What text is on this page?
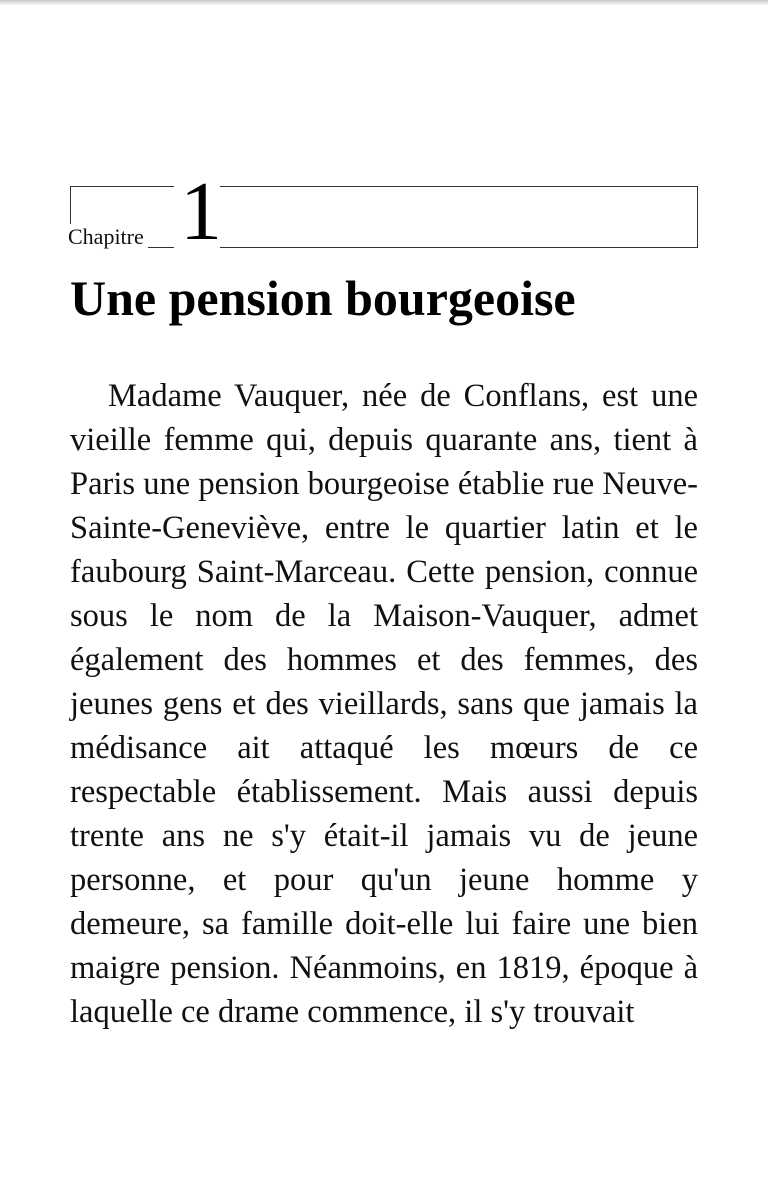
Chapitre 1
Une pension bourgeoise

Madame Vauquer, née de Conflans, est une vieille femme qui, depuis quarante ans, tient à Paris une pension bourgeoise établie rue Neuve-Sainte-Geneviève, entre le quartier latin et le faubourg Saint-Marceau. Cette pension, connue sous le nom de la Maison-Vauquer, admet également des hommes et des femmes, des jeunes gens et des vieillards, sans que jamais la médisance ait attaqué les mœurs de ce respectable établissement. Mais aussi depuis trente ans ne s'y était-il jamais vu de jeune personne, et pour qu'un jeune homme y demeure, sa famille doit-elle lui faire une bien maigre pension. Néanmoins, en 1819, époque à laquelle ce drame commence, il s'y trouvait
